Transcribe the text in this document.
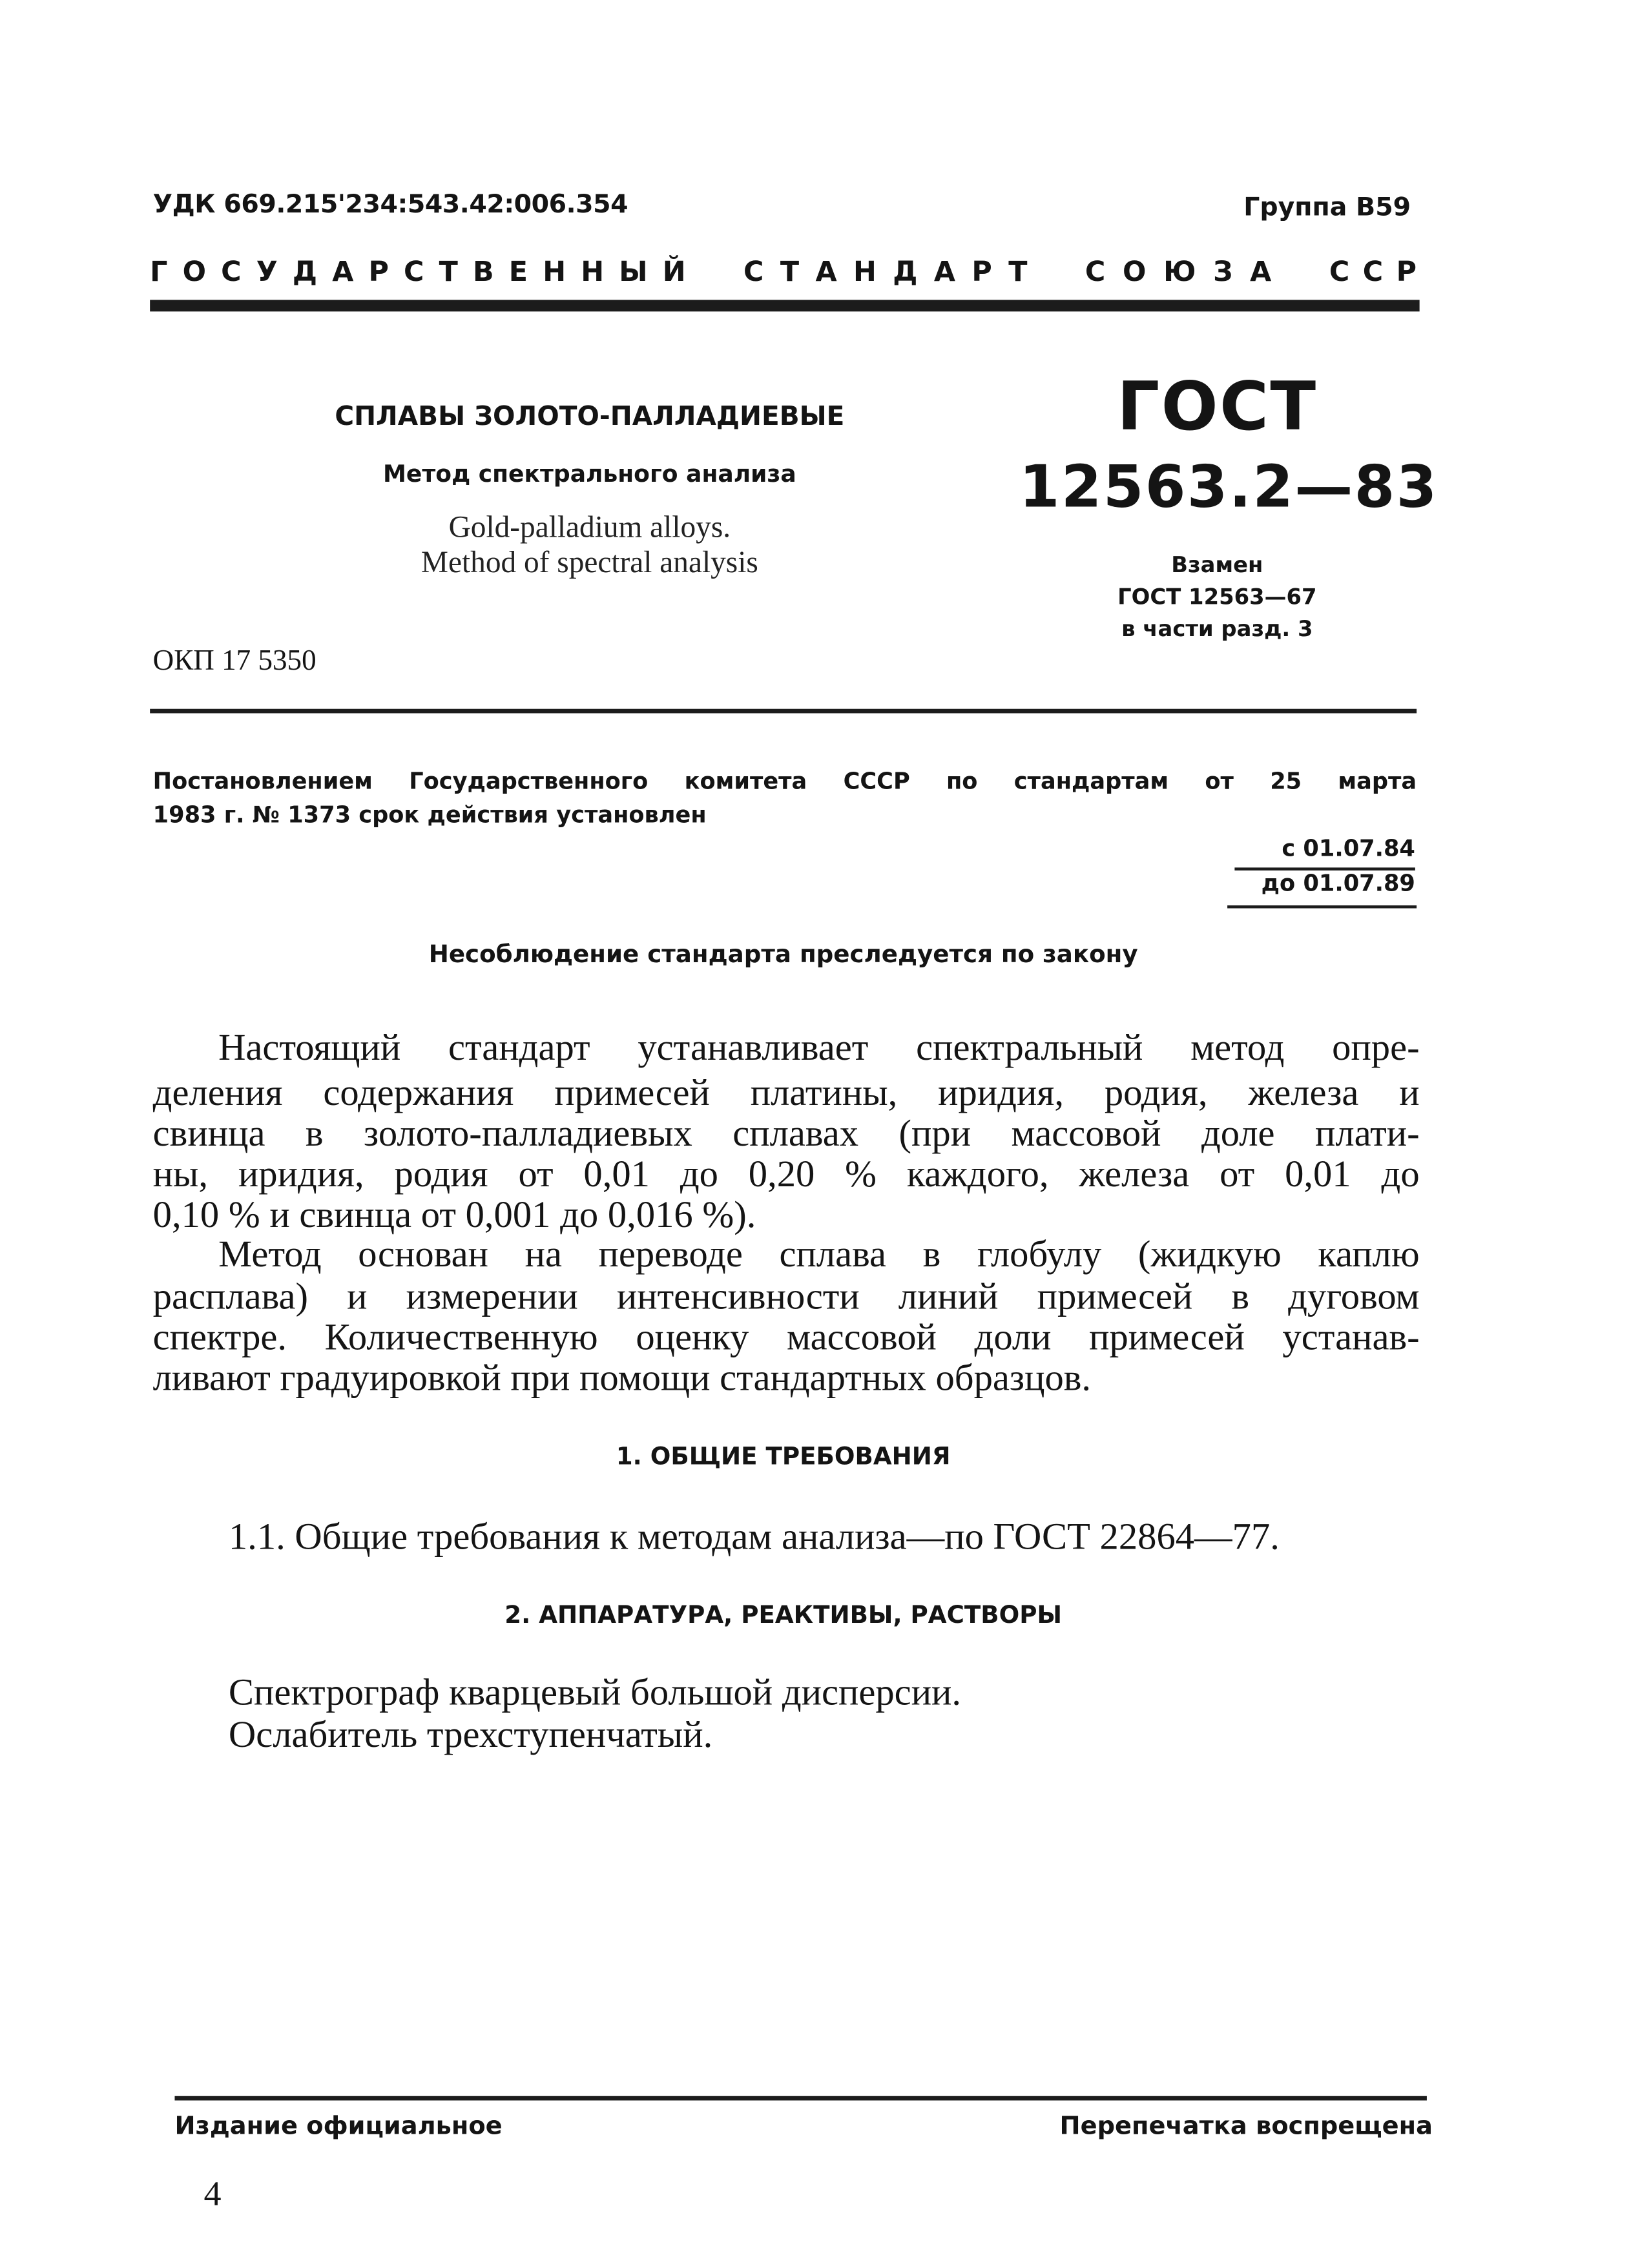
УДК 669.215'234:543.42:006.354	Группа В59
Г О С У Д А Р С Т В Е Н Н Ы Й	С Т А Н Д А Р Т	С О Ю З А	С С Р
СПЛАВЫ ЗОЛОТО-ПАЛЛАДИЕВЫЕ
Метод спектрального анализа
Gold-palladium alloys.
Method of spectral analysis
ГОСТ
12563.2—83
Взамен
ГОСТ 12563—67
в части разд. 3
ОКП 17 5350
Постановлением Государственного комитета СССР по стандартам от 25 марта
1983 г. № 1373 срок действия установлен
с 01.07.84
до 01.07.89
Несоблюдение стандарта преследуется по закону
Настоящий стандарт устанавливает спектральный метод опре-
деления содержания примесей платины, иридия, родия, железа и
свинца в золото-палладиевых сплавах (при массовой доле плати-
ны, иридия, родия от 0,01 до 0,20 % каждого, железа от 0,01 до
0,10 % и свинца от 0,001 до 0,016 %).
Метод основан на переводе сплава в глобулу (жидкую каплю
расплава) и измерении интенсивности линий примесей в дуговом
спектре. Количественную оценку массовой доли примесей устанав-
ливают градуировкой при помощи стандартных образцов.
1. ОБЩИЕ ТРЕБОВАНИЯ
1.1. Общие требования к методам анализа—по ГОСТ 22864—77.
2. АППАРАТУРА, РЕАКТИВЫ, РАСТВОРЫ
Спектрограф кварцевый большой дисперсии.
Ослабитель трехступенчатый.
Издание официальное	Перепечатка воспрещена
4
